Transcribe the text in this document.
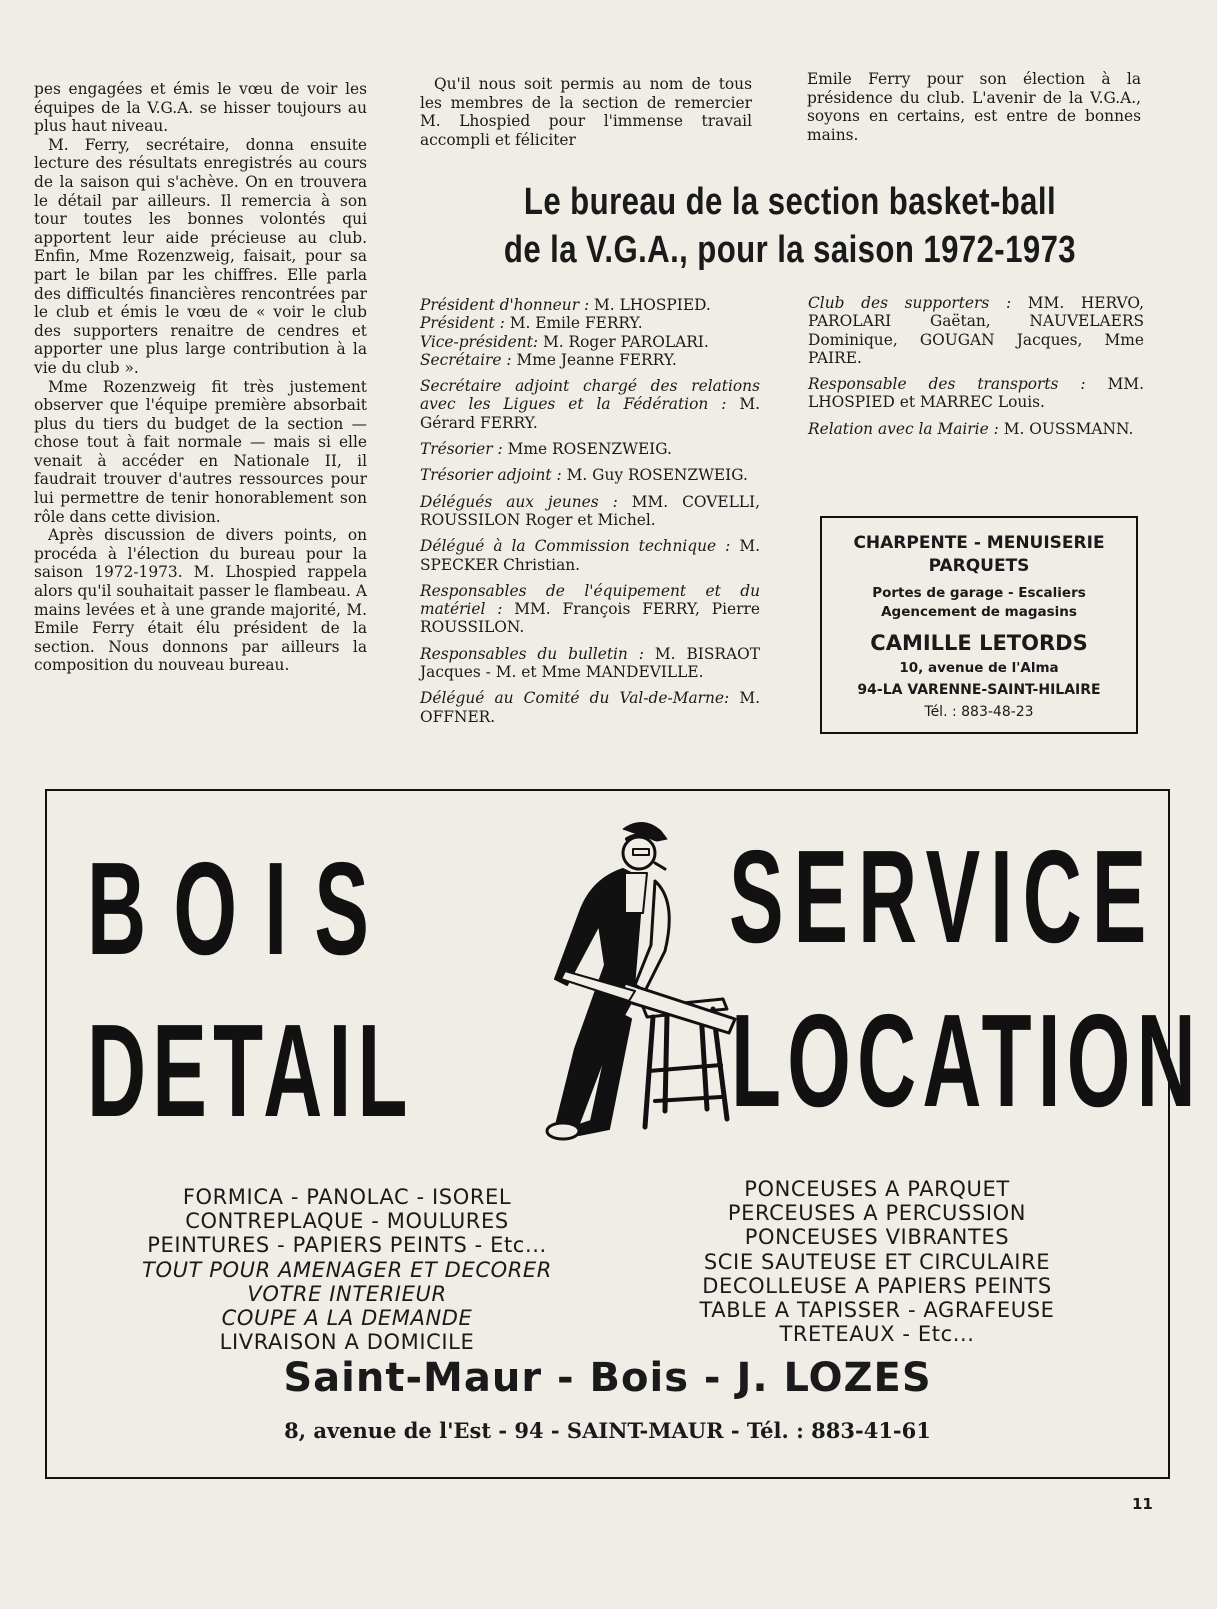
pes engagées et émis le vœu de voir les équipes de la V.G.A. se hisser toujours au plus haut niveau.

M. Ferry, secrétaire, donna ensuite lecture des résultats enregistrés au cours de la saison qui s'achève. On en trouvera le détail par ailleurs. Il remercia à son tour toutes les bonnes volontés qui apportent leur aide précieuse au club. Enfin, Mme Rozenzweig, faisait, pour sa part le bilan par les chiffres. Elle parla des difficultés financières rencontrées par le club et émis le vœu de « voir le club des supporters renaitre de cendres et apporter une plus large contribution à la vie du club ».

Mme Rozenzweig fit très justement observer que l'équipe première absorbait plus du tiers du budget de la section — chose tout à fait normale — mais si elle venait à accéder en Nationale II, il faudrait trouver d'autres ressources pour lui permettre de tenir honorablement son rôle dans cette division.

Après discussion de divers points, on procéda à l'élection du bureau pour la saison 1972-1973. M. Lhospied rappela alors qu'il souhaitait passer le flambeau. A mains levées et à une grande majorité, M. Emile Ferry était élu président de la section. Nous donnons par ailleurs la composition du nouveau bureau.

Qu'il nous soit permis au nom de tous les membres de la section de remercier M. Lhospied pour l'immense travail accompli et féliciter

Emile Ferry pour son élection à la présidence du club. L'avenir de la V.G.A., soyons en certains, est entre de bonnes mains.

Le bureau de la section basket-ball
de la V.G.A., pour la saison 1972-1973
Président d'honneur : M. LHOSPIED.
Président : M. Emile FERRY.
Vice-président: M. Roger PAROLARI.
Secrétaire : Mme Jeanne FERRY.
Secrétaire adjoint chargé des relations avec les Ligues et la Fédération : M. Gérard FERRY.
Trésorier : Mme ROSENZWEIG.
Trésorier adjoint : M. Guy ROSENZWEIG.
Délégués aux jeunes : MM. COVELLI, ROUSSILON Roger et Michel.
Délégué à la Commission technique : M. SPECKER Christian.
Responsables de l'équipement et du matériel : MM. François FERRY, Pierre ROUSSILON.
Responsables du bulletin : M. BISRAOT Jacques - M. et Mme MANDEVILLE.
Délégué au Comité du Val-de-Marne: M. OFFNER.
Club des supporters : MM. HERVO, PAROLARI Gaëtan, NAUVELAERS Dominique, GOUGAN Jacques, Mme PAIRE.
Responsable des transports : MM. LHOSPIED et MARREC Louis.
Relation avec la Mairie : M. OUSSMANN.
CHARPENTE - MENUISERIE
PARQUETS
Portes de garage - Escaliers
Agencement de magasins
CAMILLE LETORDS
10, avenue de l'Alma
94-LA VARENNE-SAINT-HILAIRE
Tél. : 883-48-23
BOIS	SERVICE
DETAIL LOCATION
FORMICA - PANOLAC - ISOREL
CONTREPLAQUE - MOULURES
PEINTURES - PAPIERS PEINTS - Etc...
TOUT POUR AMENAGER ET DECORER
VOTRE INTERIEUR
COUPE A LA DEMANDE
LIVRAISON A DOMICILE
PONCEUSES A PARQUET
PERCEUSES A PERCUSSION
PONCEUSES VIBRANTES
SCIE SAUTEUSE ET CIRCULAIRE
DECOLLEUSE A PAPIERS PEINTS
TABLE A TAPISSER - AGRAFEUSE
TRETEAUX - Etc...
Saint-Maur - Bois - J. LOZES
8, avenue de l'Est - 94 - SAINT-MAUR - Tél. : 883-41-61
11
